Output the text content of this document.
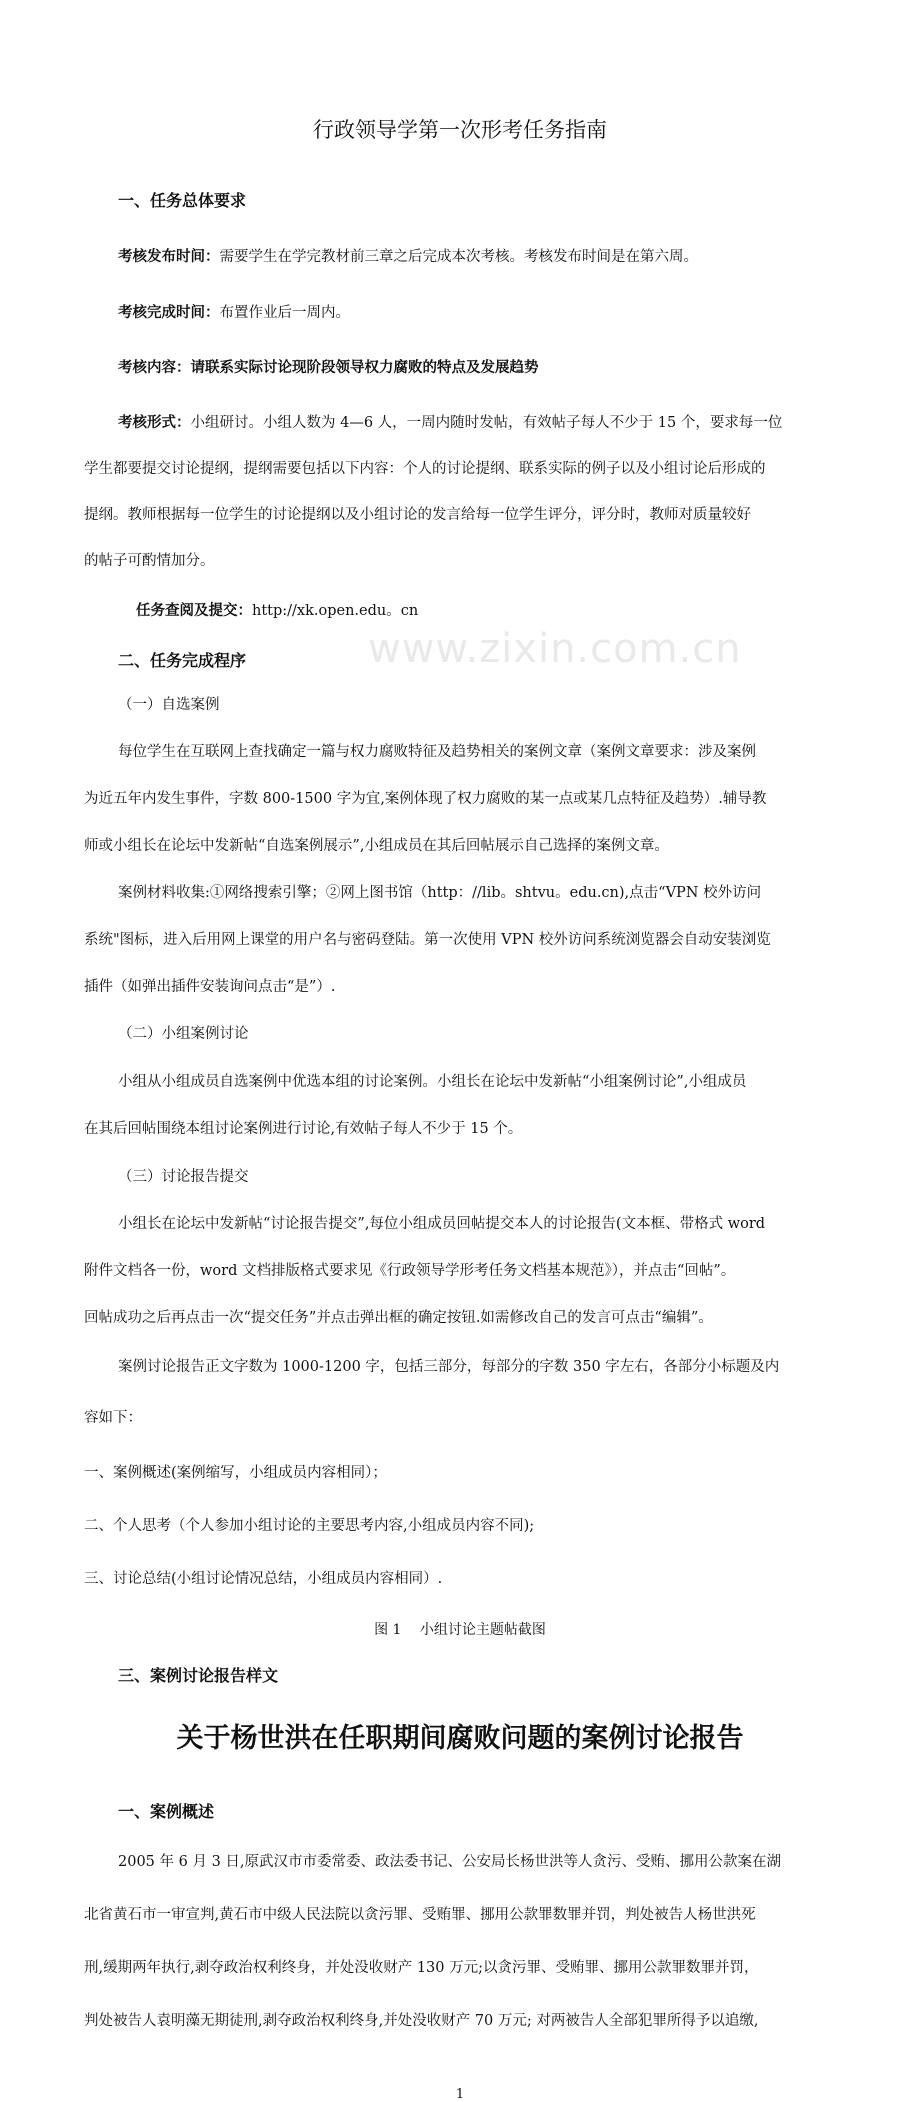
www.zixin.com.cn
行政领导学第一次形考任务指南
一、任务总体要求
考核发布时间：需要学生在学完教材前三章之后完成本次考核。考核发布时间是在第六周。
考核完成时间：布置作业后一周内。
考核内容：请联系实际讨论现阶段领导权力腐败的特点及发展趋势
考核形式：小组研讨。小组人数为 4—6 人，一周内随时发帖，有效帖子每人不少于 15 个，要求每一位
学生都要提交讨论提纲，提纲需要包括以下内容：个人的讨论提纲、联系实际的例子以及小组讨论后形成的
提纲。教师根据每一位学生的讨论提纲以及小组讨论的发言给每一位学生评分，评分时，教师对质量较好
的帖子可酌情加分。
任务查阅及提交：http://xk.open.edu。cn
二、任务完成程序
（一）自选案例
每位学生在互联网上查找确定一篇与权力腐败特征及趋势相关的案例文章（案例文章要求：涉及案例
为近五年内发生事件，字数 800-1500 字为宜,案例体现了权力腐败的某一点或某几点特征及趋势）.辅导教
师或小组长在论坛中发新帖“自选案例展示”,小组成员在其后回帖展示自己选择的案例文章。
案例材料收集:①网络搜索引擎；②网上图书馆（http：//lib。shtvu。edu.cn),点击“VPN 校外访问
系统"图标，进入后用网上课堂的用户名与密码登陆。第一次使用 VPN 校外访问系统浏览器会自动安装浏览
插件（如弹出插件安装询问点击“是”）.
（二）小组案例讨论
小组从小组成员自选案例中优选本组的讨论案例。小组长在论坛中发新帖“小组案例讨论”,小组成员
在其后回帖围绕本组讨论案例进行讨论,有效帖子每人不少于 15 个。
（三）讨论报告提交
小组长在论坛中发新帖“讨论报告提交”,每位小组成员回帖提交本人的讨论报告(文本框、带格式 word
附件文档各一份，word 文档排版格式要求见《行政领导学形考任务文档基本规范》），并点击“回帖”。
回帖成功之后再点击一次“提交任务”并点击弹出框的确定按钮.如需修改自己的发言可点击“编辑”。
案例讨论报告正文字数为 1000-1200 字，包括三部分，每部分的字数 350 字左右，各部分小标题及内
容如下：
一、案例概述(案例缩写，小组成员内容相同）；
二、个人思考（个人参加小组讨论的主要思考内容,小组成员内容不同);
三、讨论总结(小组讨论情况总结，小组成员内容相同）.
图 1　 小组讨论主题帖截图
三、案例讨论报告样文
关于杨世洪在任职期间腐败问题的案例讨论报告
一、案例概述
2005 年 6 月 3 日,原武汉市市委常委、政法委书记、公安局长杨世洪等人贪污、受贿、挪用公款案在湖
北省黄石市一审宣判,黄石市中级人民法院以贪污罪、受贿罪、挪用公款罪数罪并罚，判处被告人杨世洪死
刑,缓期两年执行,剥夺政治权利终身，并处没收财产 130 万元;以贪污罪、受贿罪、挪用公款罪数罪并罚，
判处被告人袁明藻无期徒刑,剥夺政治权利终身,并处没收财产 70 万元; 对两被告人全部犯罪所得予以追缴,
1
